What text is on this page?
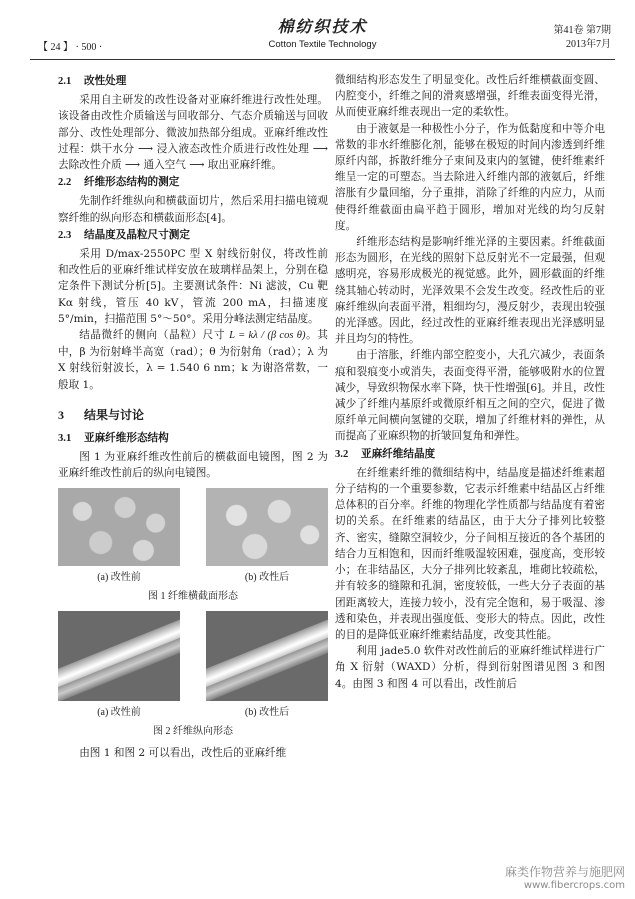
【 24 】 · 500 ·
棉纺织技术
Cotton Textile Technology
第41卷 第7期
2013年7月
2.1 改性处理
采用自主研发的改性设备对亚麻纤维进行改性处理。该设备由改性介质输送与回收部分、气态介质输送与回收部分、改性处理部分、微波加热部分组成。亚麻纤维改性过程：烘干水分 ⟶ 浸入液态改性介质进行改性处理 ⟶ 去除改性介质 ⟶ 通入空气 ⟶ 取出亚麻纤维。
2.2 纤维形态结构的测定
先制作纤维纵向和横截面切片，然后采用扫描电镜观察纤维的纵向形态和横截面形态[4]。
2.3 结晶度及晶粒尺寸测定
采用 D/max-2550PC 型 X 射线衍射仪，将改性前和改性后的亚麻纤维试样安放在玻璃样品架上，分别在稳定条件下测试分析[5]。主要测试条件：Ni 滤波，Cu 靶 Kα 射线，管压 40 kV，管流 200 mA，扫描速度 5°/min，扫描范围 5°～50°。采用分峰法测定结晶度。
结晶微纤的侧向（晶粒）尺寸 L = kλ / (β cos θ)。其中，β 为衍射峰半高宽（rad）；θ 为衍射角（rad）；λ 为 X 射线衍射波长，λ = 1.540 6 nm；k 为谢洛常数，一般取 1。
3 结果与讨论
3.1 亚麻纤维形态结构
图 1 为亚麻纤维改性前后的横截面电镜图，图 2 为亚麻纤维改性前后的纵向电镜图。
(a) 改性前	(b) 改性后
图 1 纤维横截面形态
(a) 改性前	(b) 改性后
图 2 纤维纵向形态
由图 1 和图 2 可以看出，改性后的亚麻纤维
微细结构形态发生了明显变化。改性后纤维横截面变圆、内腔变小，纤维之间的滑爽感增强，纤维表面变得光滑，从而使亚麻纤维表现出一定的柔软性。
由于液氨是一种极性小分子，作为低黏度和中等介电常数的非水纤维膨化剂，能够在极短的时间内渗透到纤维原纤内部，拆散纤维分子束间及束内的氢键，使纤维素纤维呈一定的可塑态。当去除进入纤维内部的液氨后，纤维溶胀有少量回缩，分子重排，消除了纤维的内应力，从而使得纤维截面由扁平趋于圆形，增加对光线的均匀反射度。
纤维形态结构是影响纤维光泽的主要因素。纤维截面形态为圆形，在光线的照射下总反射光不一定最强，但观感明亮，容易形成极光的视觉感。此外，圆形截面的纤维绕其轴心转动时，光泽效果不会发生改变。经改性后的亚麻纤维纵向表面平滑，粗细均匀，漫反射少，表现出较强的光泽感。因此，经过改性的亚麻纤维表现出光泽感明显并且均匀的特性。
由于溶胀，纤维内部空腔变小，大孔穴减少，表面条痕和裂痕变小或消失，表面变得平滑，能够吸附水的位置减少，导致织物保水率下降，快干性增强[6]。并且，改性减少了纤维内基原纤或微原纤相互之间的空穴，促进了微原纤单元间横向氢键的交联，增加了纤维材料的弹性，从而提高了亚麻织物的折皱回复角和弹性。
3.2 亚麻纤维结晶度
在纤维素纤维的微细结构中，结晶度是描述纤维素超分子结构的一个重要参数，它表示纤维素中结晶区占纤维总体积的百分率。纤维的物理化学性质都与结晶度有着密切的关系。在纤维素的结晶区，由于大分子排列比较整齐、密实，缝隙空洞较少，分子间相互接近的各个基团的结合力互相饱和，因而纤维吸湿较困难，强度高，变形较小；在非结晶区，大分子排列比较紊乱，堆砌比较疏松，并有较多的缝隙和孔洞，密度较低，一些大分子表面的基团距离较大，连接力较小，没有完全饱和，易于吸湿、渗透和染色，并表现出强度低、变形大的特点。因此，改性的目的是降低亚麻纤维素结晶度，改变其性能。
利用 jade5.0 软件对改性前后的亚麻纤维试样进行广角 X 衍射（WAXD）分析，得到衍射图谱见图 3 和图 4。由图 3 和图 4 可以看出，改性前后
麻类作物营养与施肥网
www.fibercrops.com
